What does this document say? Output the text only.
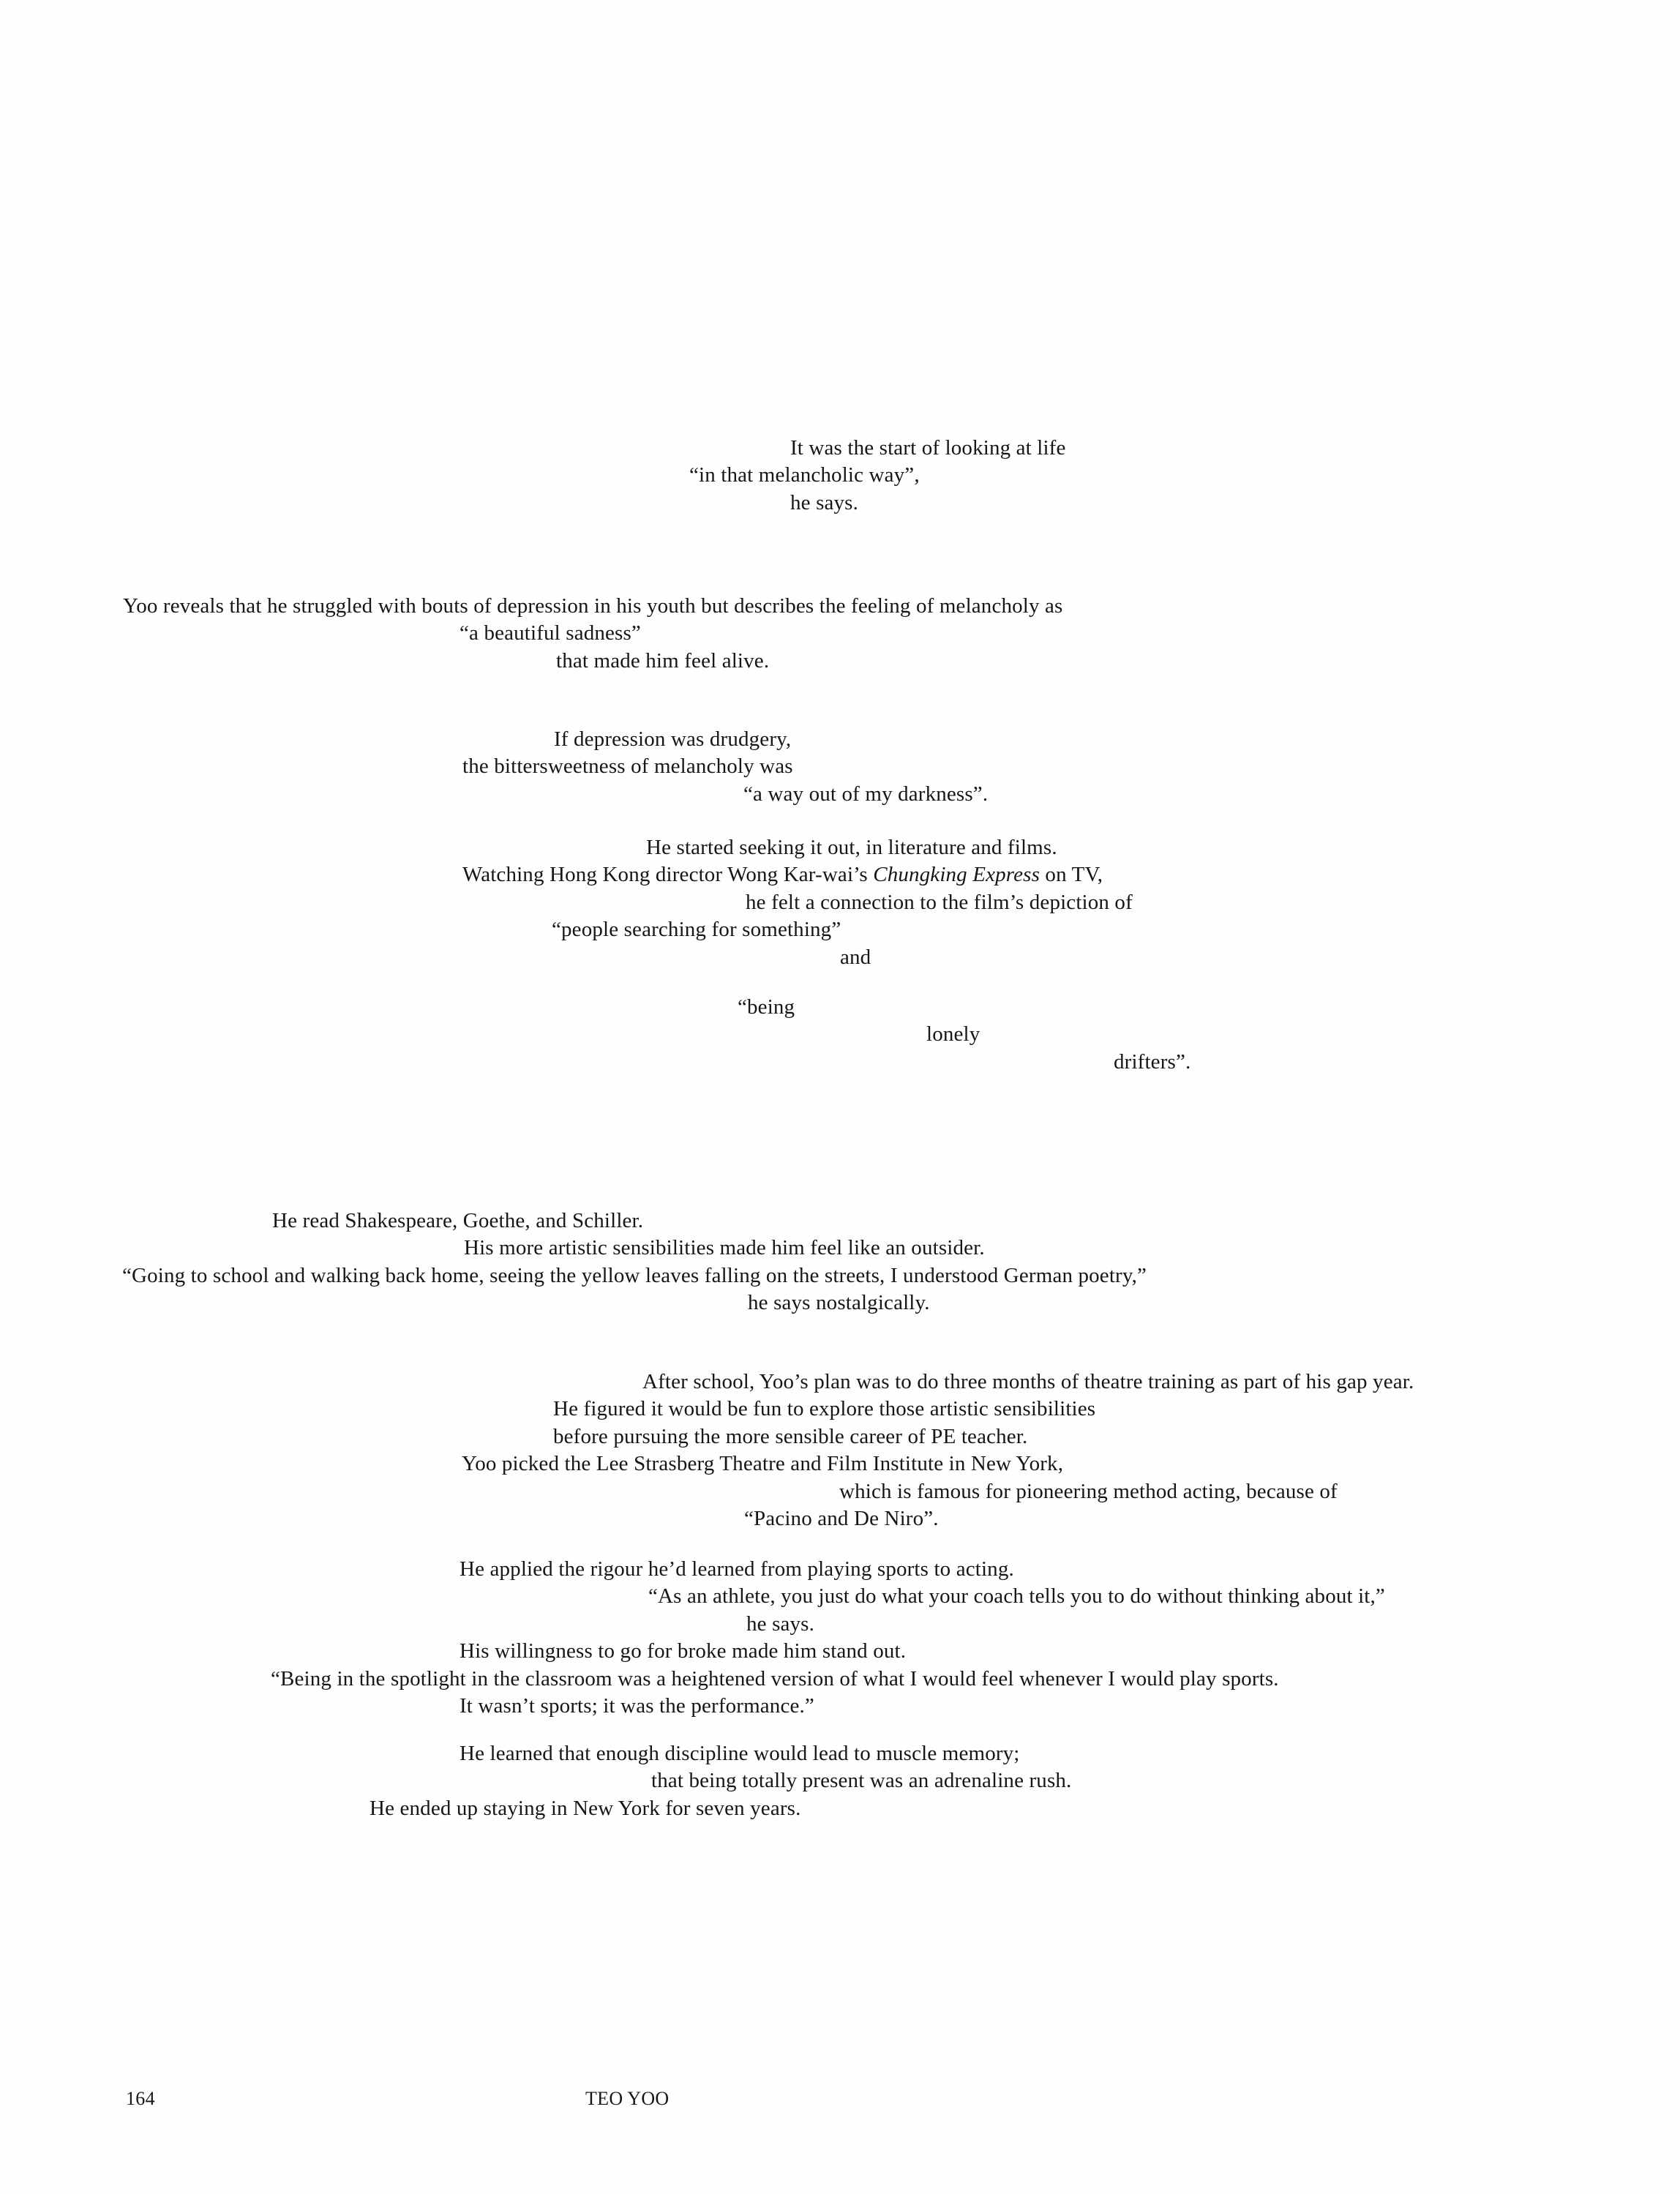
It was the start of looking at life
“in that melancholic way”,
he says.
Yoo reveals that he struggled with bouts of depression in his youth but describes the feeling of melancholy as
“a beautiful sadness”
that made him feel alive.
If depression was drudgery,
the bittersweetness of melancholy was
“a way out of my darkness”.
He started seeking it out, in literature and films.
Watching Hong Kong director Wong Kar-wai’s Chungking Express on TV,
he felt a connection to the film’s depiction of
“people searching for something”
and
“being
lonely
drifters”.
He read Shakespeare, Goethe, and Schiller.
His more artistic sensibilities made him feel like an outsider.
“Going to school and walking back home, seeing the yellow leaves falling on the streets, I understood German poetry,”
he says nostalgically.
After school, Yoo’s plan was to do three months of theatre training as part of his gap year.
He figured it would be fun to explore those artistic sensibilities
before pursuing the more sensible career of PE teacher.
Yoo picked the Lee Strasberg Theatre and Film Institute in New York,
which is famous for pioneering method acting, because of
“Pacino and De Niro”.
He applied the rigour he’d learned from playing sports to acting.
“As an athlete, you just do what your coach tells you to do without thinking about it,”
he says.
His willingness to go for broke made him stand out.
“Being in the spotlight in the classroom was a heightened version of what I would feel whenever I would play sports.
It wasn’t sports; it was the performance.”
He learned that enough discipline would lead to muscle memory;
that being totally present was an adrenaline rush.
He ended up staying in New York for seven years.
164	TEO YOO
